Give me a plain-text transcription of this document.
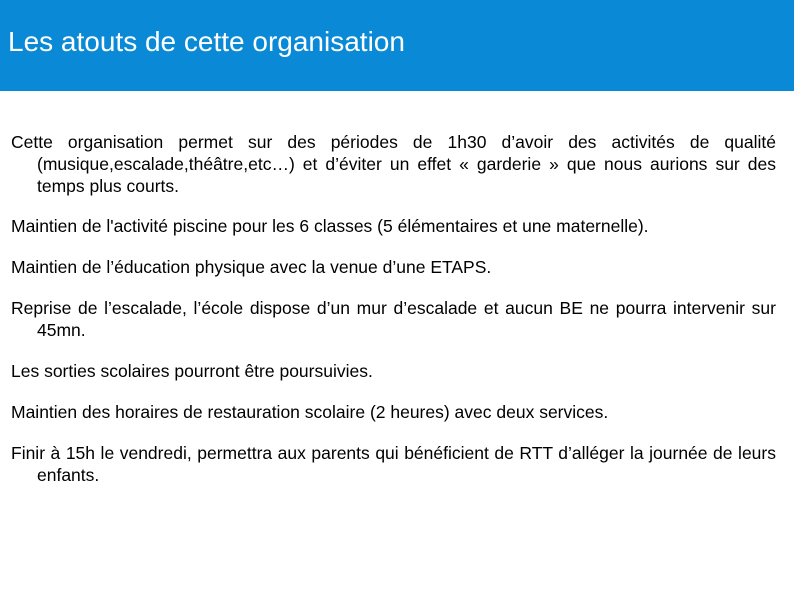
Les atouts de cette organisation

Cette organisation permet sur des périodes de 1h30 d’avoir des activités de qualité (musique,escalade,théâtre,etc…) et d’éviter un effet « garderie » que nous aurions sur des temps plus courts.

Maintien de l'activité piscine pour les 6 classes (5 élémentaires et une maternelle).

Maintien de l’éducation physique avec la venue d’une ETAPS.

Reprise de l’escalade, l’école dispose d’un mur d’escalade et aucun BE ne pourra intervenir sur 45mn.

Les sorties scolaires pourront être poursuivies.

Maintien des horaires de restauration scolaire (2 heures) avec deux services.

Finir à 15h le vendredi, permettra aux parents qui bénéficient de RTT d’alléger la journée de leurs enfants.
